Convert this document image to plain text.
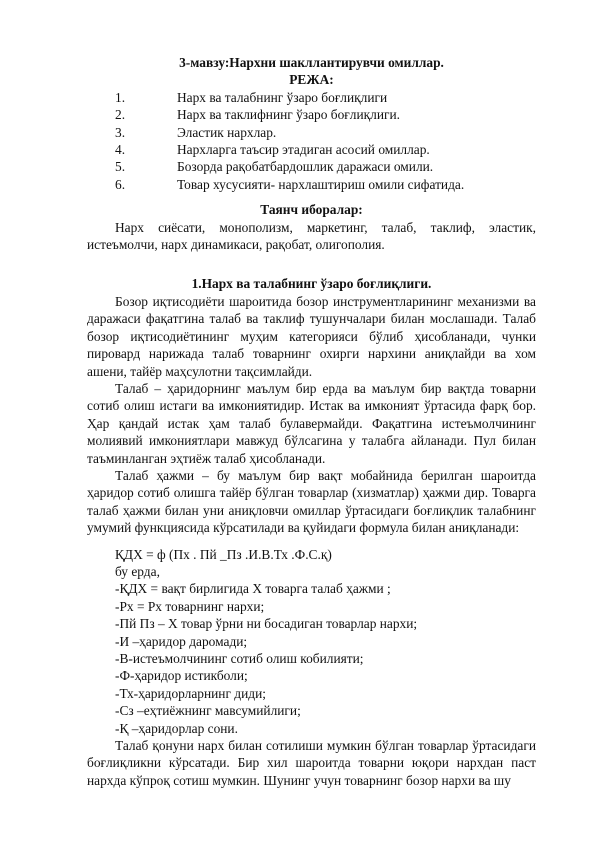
3-мавзу:Нархни шакллантирувчи омиллар.
РЕЖА:
1.	Нарх ва талабнинг ўзаро боғлиқлиги
2.	Нарх ва таклифнинг ўзаро боғлиқлиги.
3.	Эластик нархлар.
4.	Нархларга таъсир этадиган асосий омиллар.
5.	Бозорда рақобатбардошлик даражаси омили.
6.	Товар хусусияти- нархлаштириш омили сифатида.
Таянч иборалар:

Нарх сиёсати, монополизм, маркетинг, талаб, таклиф, эластик, истеъмолчи, нарх динамикаси, рақобат, олигополия.

1.Нарх ва талабнинг ўзаро боғлиқлиги.

Бозор иқтисодиёти шароитида бозор инструментларининг механизми ва даражаси фақатгина талаб ва таклиф тушунчалари билан мослашади. Талаб бозор иқтисодиётининг муҳим категорияси бўлиб ҳисобланади, чунки пировард нарижада талаб товарнинг охирги нархини аниқлайди ва хом ашени, тайёр маҳсулотни тақсимлайди.

Талаб – ҳаридорнинг маълум бир ерда ва маълум бир вақтда товарни сотиб олиш истаги ва имкониятидир. Истак ва имконият ўртасида фарқ бор. Ҳар қандай истак ҳам талаб булавермайди. Фақатгина истеъмолчининг молиявий имкониятлари мавжуд бўлсагина у талабга айланади. Пул билан таъминланган эҳтиёж талаб ҳисобланади.

Талаб ҳажми – бу маълум бир вақт мобайнида берилган шароитда ҳаридор сотиб олишга тайёр бўлган товарлар (хизматлар) ҳажми дир. Товарга талаб ҳажми билан уни аниқловчи омиллар ўртасидаги боғлиқлик талабнинг умумий функциясида кўрсатилади ва қуйидаги формула билан аниқланади:

ҚДХ = ф (Пх . Пй _Пз .И.В.Тх .Ф.С.қ)
бу ерда,
-ҚДХ = вақт бирлигида Х товарга талаб ҳажми ;
-Рх = Рх товарнинг нархи;
-Пй Пз – Х товар ўрни ни босадиган товарлар нархи;
-И –ҳаридор даромади;
-В-истеъмолчининг сотиб олиш кобилияти;
-Ф-ҳаридор истикболи;
-Тх-ҳаридорларнинг диди;
-Сз –еҳтиёжнинг мавсумийлиги;
-Қ –ҳаридорлар сони.

Талаб қонуни нарх билан сотилиши мумкин бўлган товарлар ўртасидаги боғлиқликни кўрсатади. Бир хил шароитда товарни юқори нархдан паст нархда кўпроқ сотиш мумкин. Шунинг учун товарнинг бозор нархи ва шу
